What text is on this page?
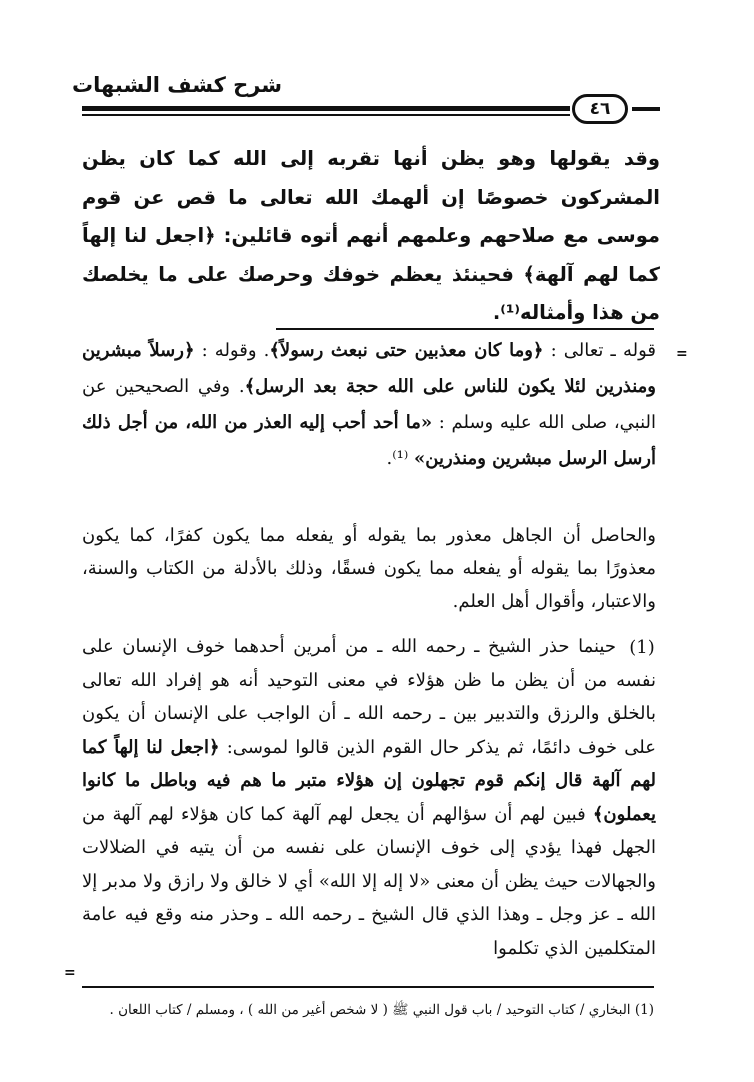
شرح كشف الشبهات
٤٦

وقد يقولها وهو يظن أنها تقربه إلى الله كما كان يظن المشركون خصوصًا إن ألهمك الله تعالى ما قص عن قوم موسى مع صلاحهم وعلمهم أنهم أتوه قائلين: ﴿اجعل لنا إلهاً كما لهم آلهة﴾ فحينئذ يعظم خوفك وحرصك على ما يخلصك من هذا وأمثاله⁽¹⁾.

=

قوله ـ تعالى : ﴿وما كان معذبين حتى نبعث رسولاً﴾. وقوله : ﴿رسلاً مبشرين ومنذرين لئلا يكون للناس على الله حجة بعد الرسل﴾. وفي الصحيحين عن النبي، صلى الله عليه وسلم : «ما أحد أحب إليه العذر من الله، من أجل ذلك أرسل الرسل مبشرين ومنذرين» ⁽¹⁾.

والحاصل أن الجاهل معذور بما يقوله أو يفعله مما يكون كفرًا، كما يكون معذورًا بما يقوله أو يفعله مما يكون فسقًا، وذلك بالأدلة من الكتاب والسنة، والاعتبار، وأقوال أهل العلم.

(1)

حينما حذر الشيخ ـ رحمه الله ـ من أمرين أحدهما خوف الإنسان على نفسه من أن يظن ما ظن هؤلاء في معنى التوحيد أنه هو إفراد الله تعالى بالخلق والرزق والتدبير بين ـ رحمه الله ـ أن الواجب على الإنسان أن يكون على خوف دائمًا، ثم يذكر حال القوم الذين قالوا لموسى: ﴿اجعل لنا إلهاً كما لهم آلهة قال إنكم قوم تجهلون إن هؤلاء متبر ما هم فيه وباطل ما كانوا يعملون﴾ فبين لهم أن سؤالهم أن يجعل لهم آلهة كما كان هؤلاء لهم آلهة من الجهل فهذا يؤدي إلى خوف الإنسان على نفسه من أن يتيه في الضلالات والجهالات حيث يظن أن معنى «لا إله إلا الله» أي لا خالق ولا رازق ولا مدبر إلا الله ـ عز وجل ـ وهذا الذي قال الشيخ ـ رحمه الله ـ وحذر منه وقع فيه عامة المتكلمين الذي تكلموا

=

(1) البخاري / كتاب التوحيد / باب قول النبي ﷺ ( لا شخص أغير من الله ) ، ومسلم / كتاب اللعان .
